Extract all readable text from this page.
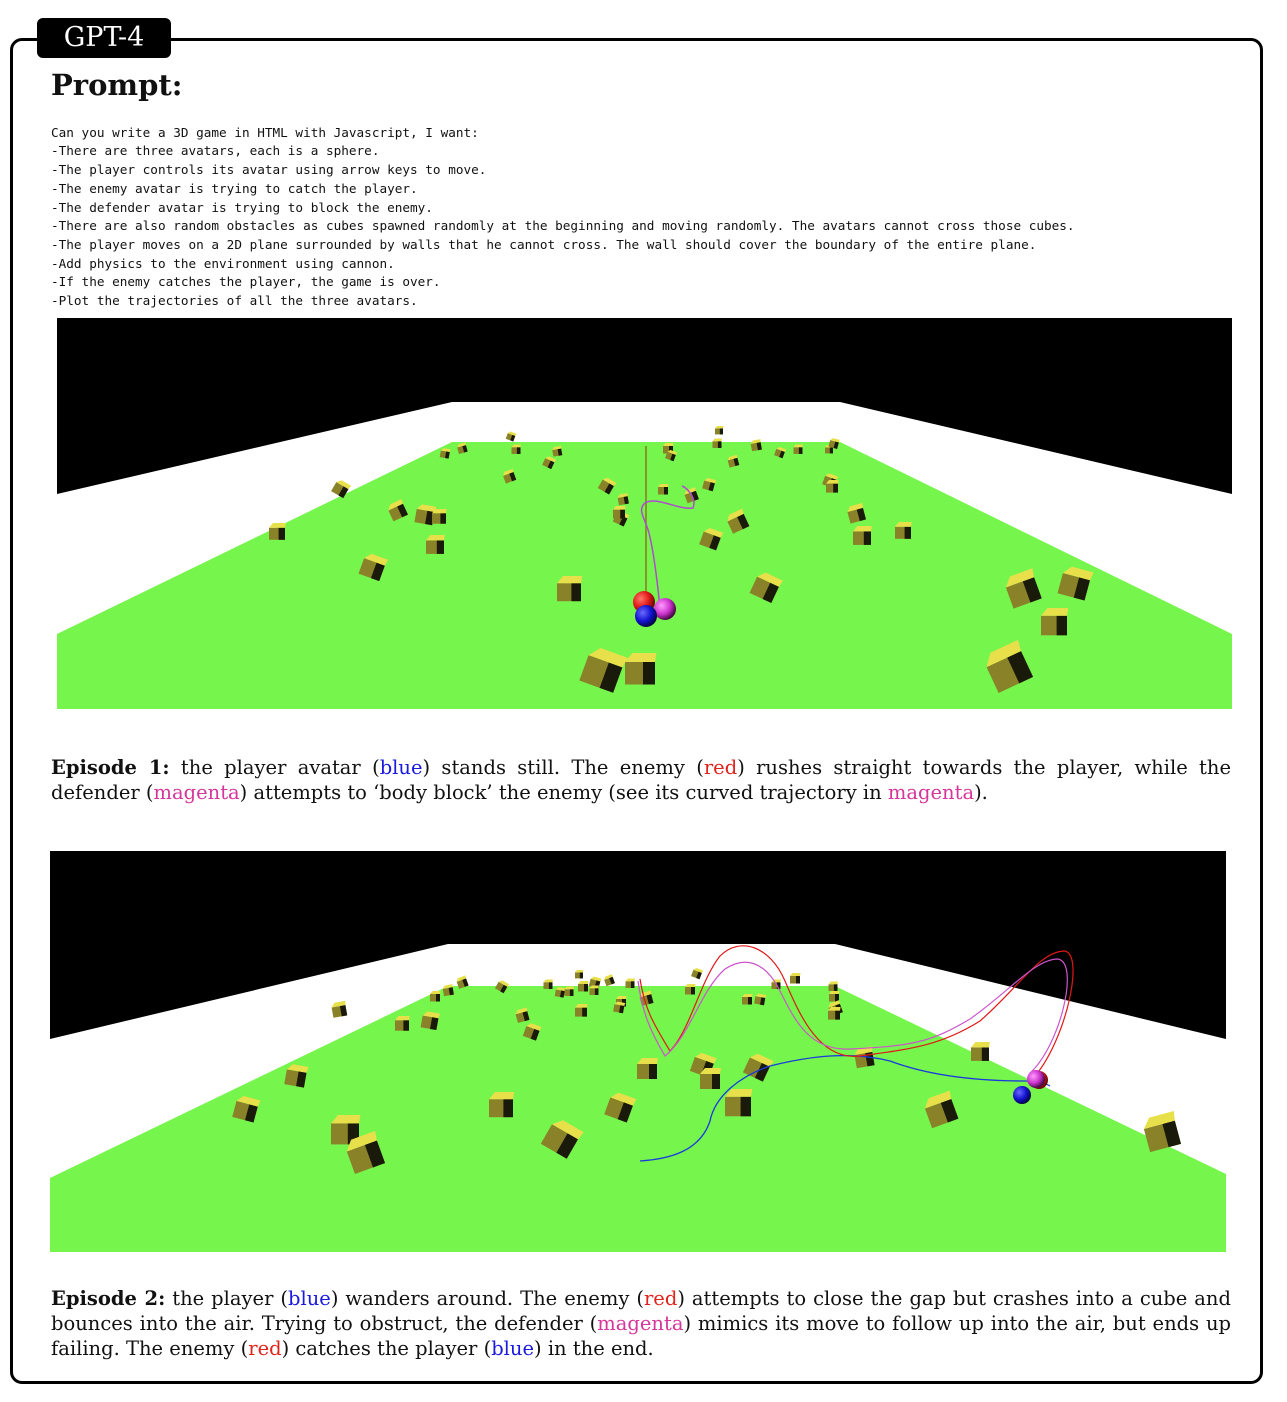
GPT-4
Prompt:

Can you write a 3D game in HTML with Javascript, I want:
-There are three avatars, each is a sphere.
-The player controls its avatar using arrow keys to move.
-The enemy avatar is trying to catch the player.
-The defender avatar is trying to block the enemy.
-There are also random obstacles as cubes spawned randomly at the beginning and moving randomly. The avatars cannot cross those cubes.
-The player moves on a 2D plane surrounded by walls that he cannot cross. The wall should cover the boundary of the entire plane.
-Add physics to the environment using cannon.
-If the enemy catches the player, the game is over.
-Plot the trajectories of all the three avatars.

Episode 1: the player avatar (blue) stands still. The enemy (red) rushes straight towards the player, while the defender (magenta) attempts to ‘body block’ the enemy (see its curved trajectory in magenta).
Episode 2: the player (blue) wanders around. The enemy (red) attempts to close the gap but crashes into a cube and bounces into the air. Trying to obstruct, the defender (magenta) mimics its move to follow up into the air, but ends up failing. The enemy (red) catches the player (blue) in the end.
